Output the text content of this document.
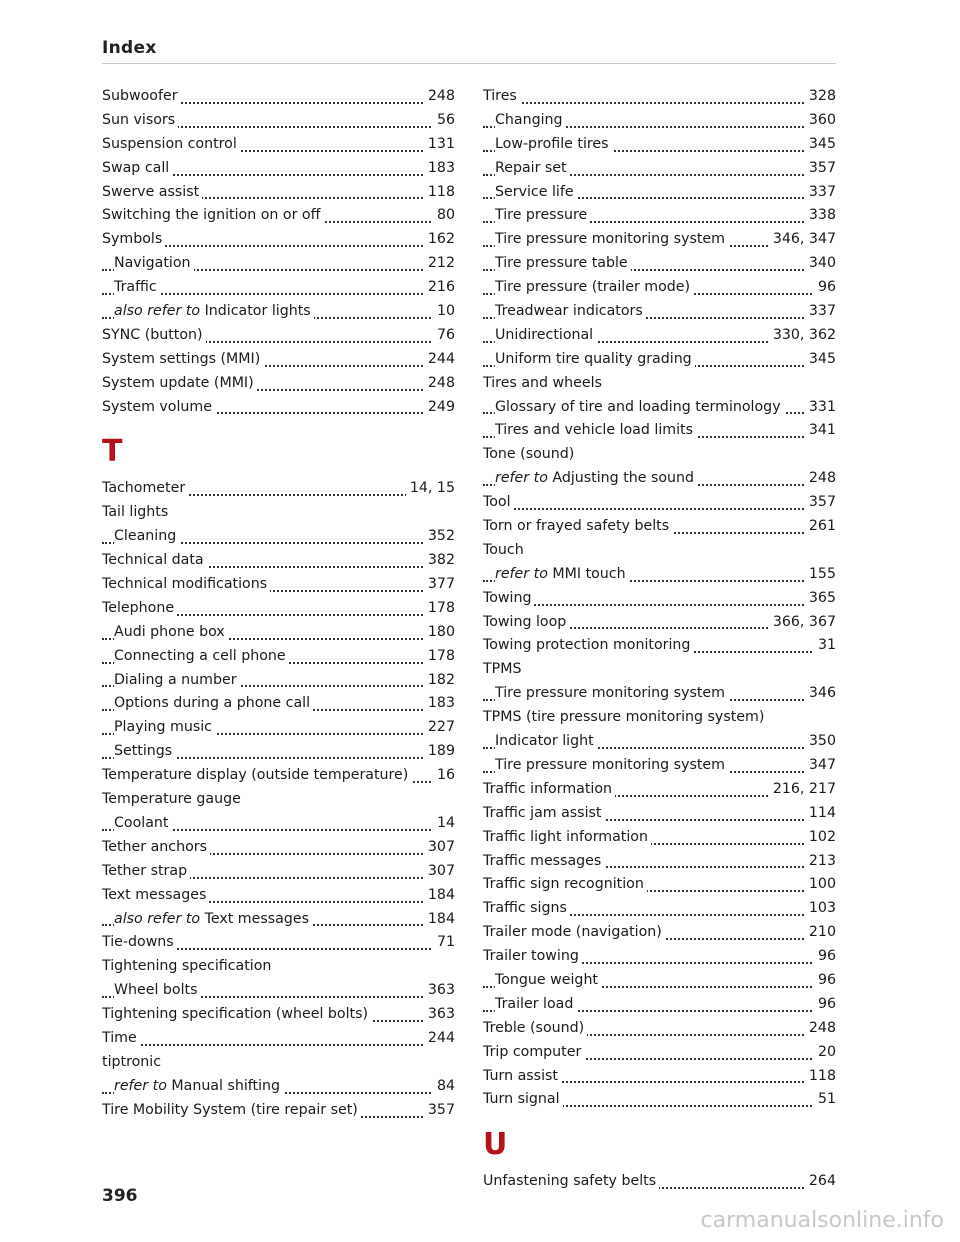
Index
Subwoofer	248
Sun visors	56
Suspension control	131
Swap call	183
Swerve assist	118
Switching the ignition on or off	80
Symbols	162
Navigation	212
Traffic	216
also refer to Indicator lights	10
SYNC (button)	76
System settings (MMI)	244
System update (MMI)	248
System volume	249
T
Tachometer	14, 15
Tail lights
Cleaning	352
Technical data	382
Technical modifications	377
Telephone	178
Audi phone box	180
Connecting a cell phone	178
Dialing a number	182
Options during a phone call	183
Playing music	227
Settings	189
Temperature display (outside temperature) 16
Temperature gauge
Coolant	14
Tether anchors	307
Tether strap	307
Text messages	184
also refer to Text messages	184
Tie-downs	71
Tightening specification
Wheel bolts	363
Tightening specification (wheel bolts)	363
Time	244
tiptronic
refer to Manual shifting	84
Tire Mobility System (tire repair set)	357
Tires	328
Changing	360
Low-profile tires	345
Repair set	357
Service life	337
Tire pressure	338
Tire pressure monitoring system	346, 347
Tire pressure table	340
Tire pressure (trailer mode)	96
Treadwear indicators	337
Unidirectional	330, 362
Uniform tire quality grading	345
Tires and wheels
Glossary of tire and loading terminology 331
Tires and vehicle load limits	341
Tone (sound)
refer to Adjusting the sound	248
Tool	357
Torn or frayed safety belts	261
Touch
refer to MMI touch	155
Towing	365
Towing loop	366, 367
Towing protection monitoring	31
TPMS
Tire pressure monitoring system	346
TPMS (tire pressure monitoring system)
Indicator light	350
Tire pressure monitoring system	347
Traffic information	216, 217
Traffic jam assist	114
Traffic light information	102
Traffic messages	213
Traffic sign recognition	100
Traffic signs	103
Trailer mode (navigation)	210
Trailer towing	96
Tongue weight	96
Trailer load	96
Treble (sound)	248
Trip computer	20
Turn assist	118
Turn signal	51
U
Unfastening safety belts	264
396
carmanualsonline.info
